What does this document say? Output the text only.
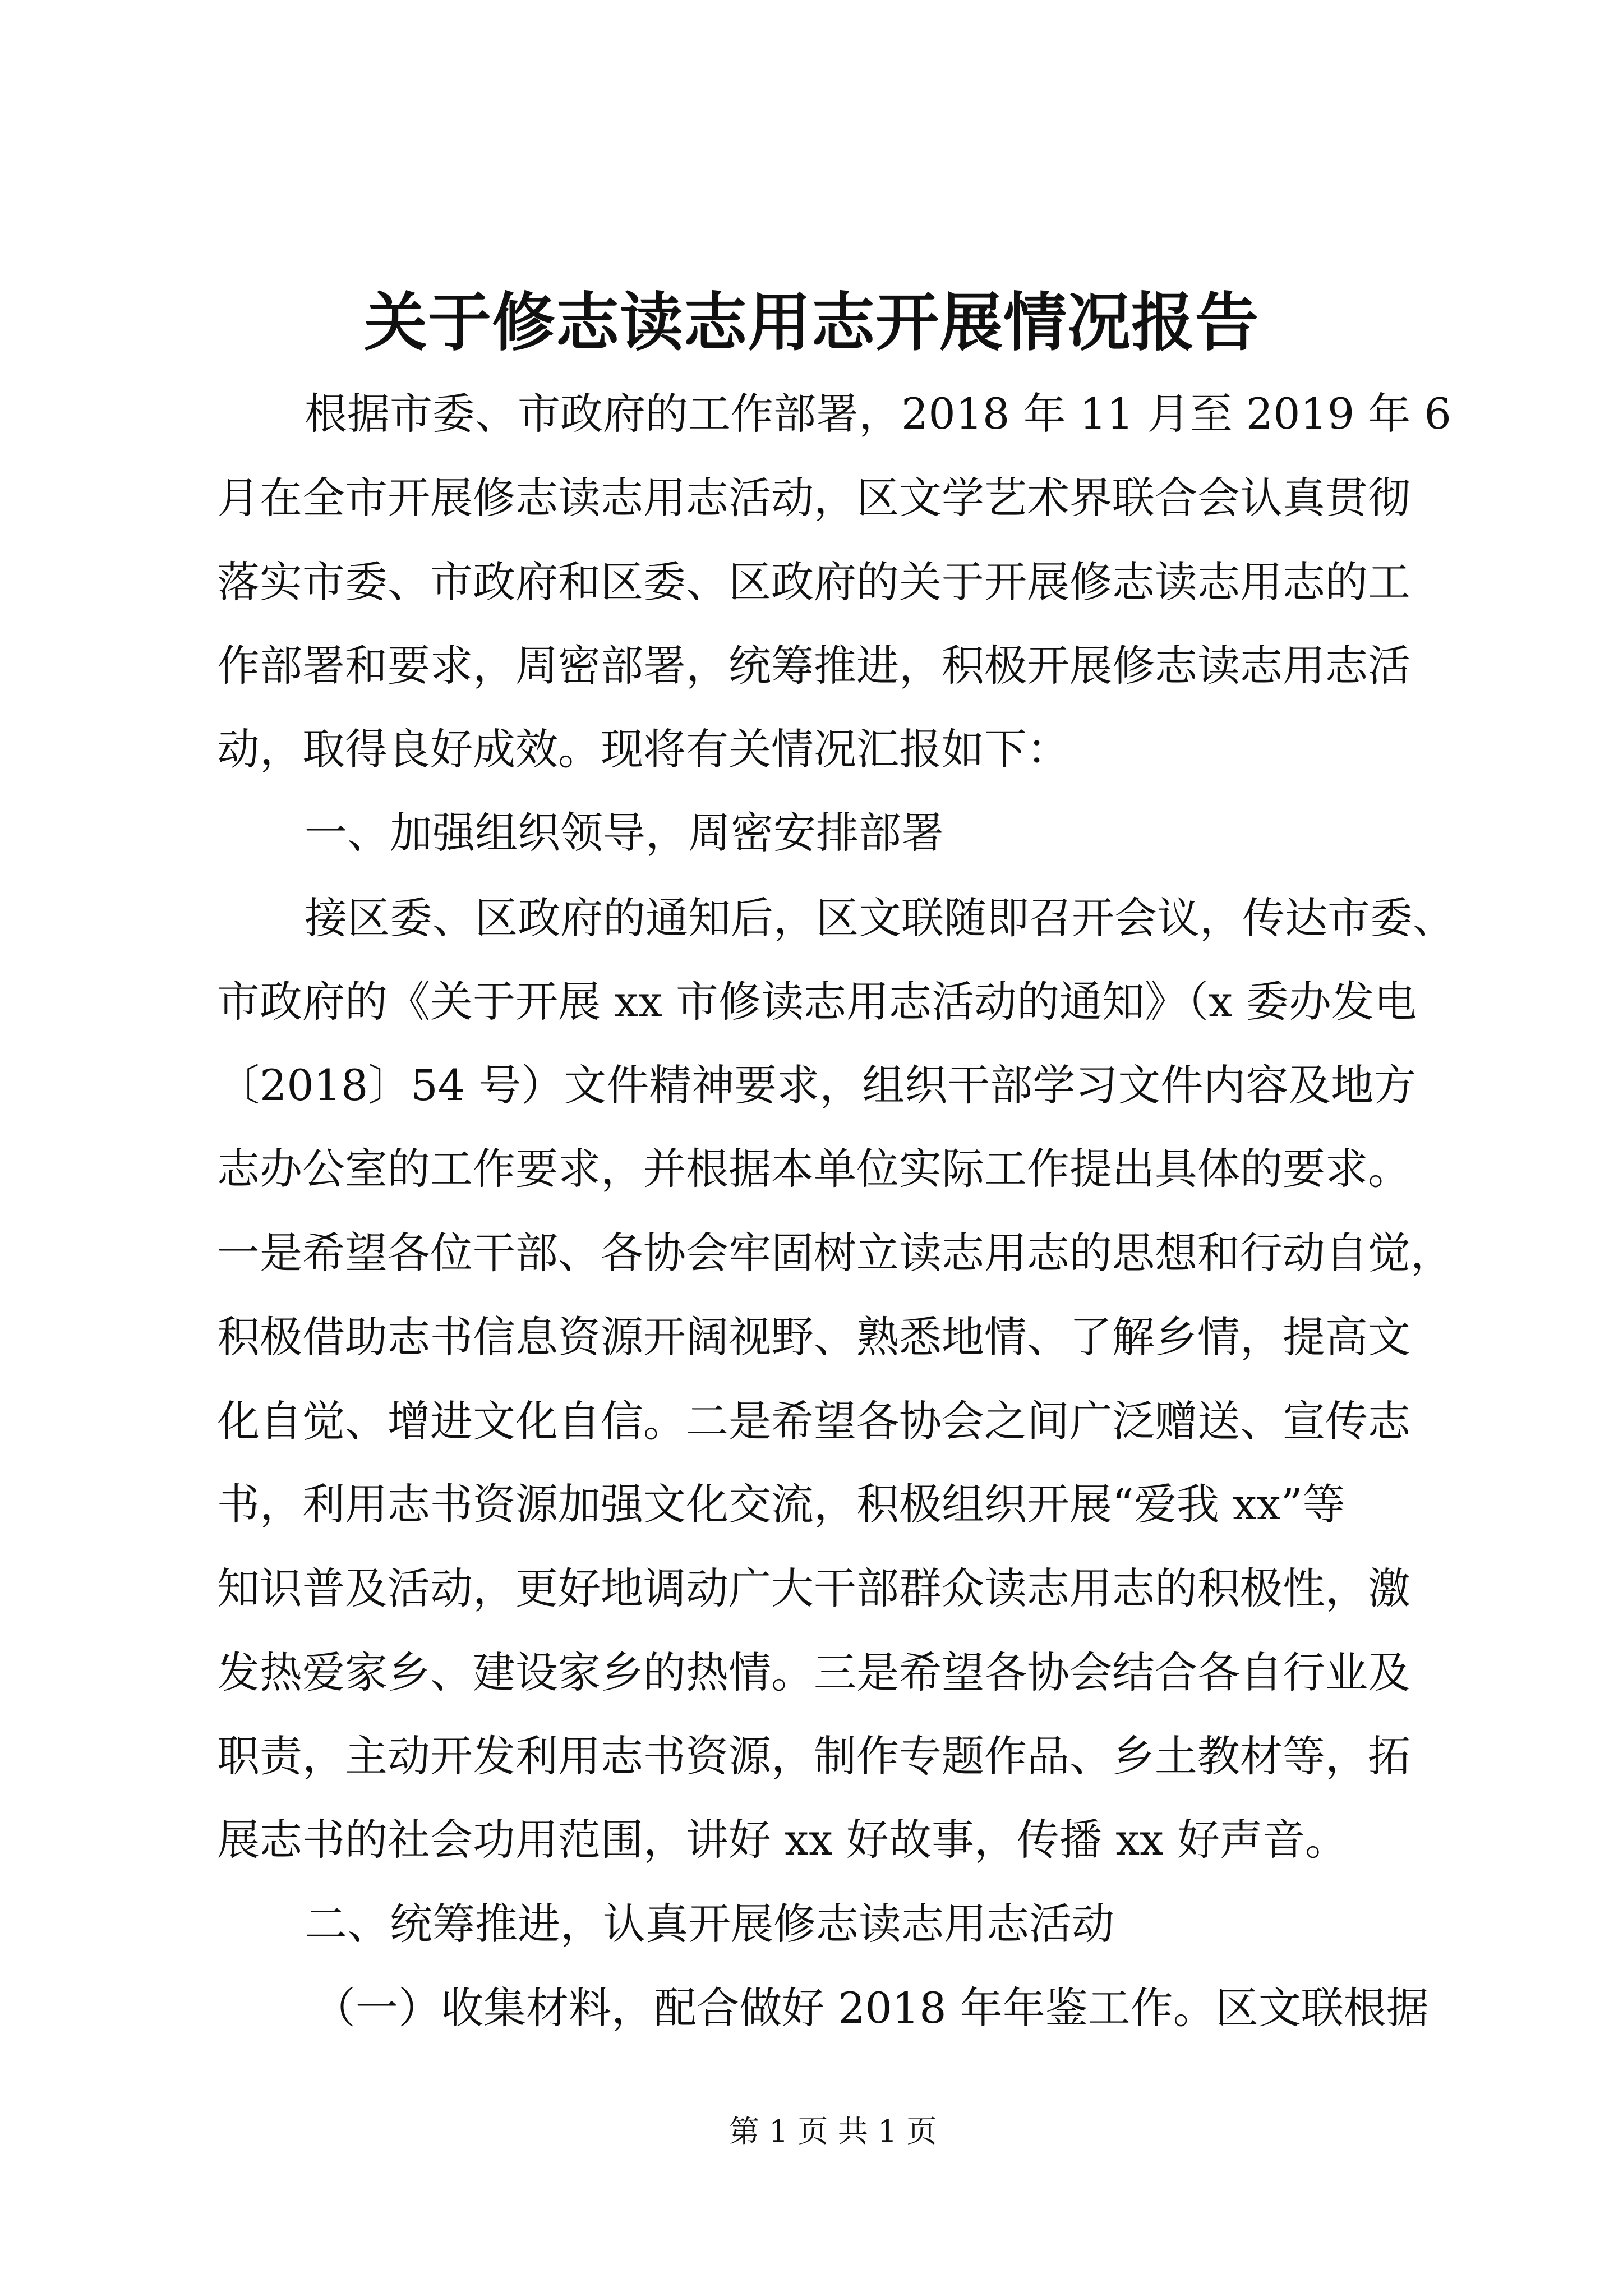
关于修志读志用志开展情况报告
根据市委、市政府的工作部署，2018 年 11 月至 2019 年 6
月在全市开展修志读志用志活动，区文学艺术界联合会认真贯彻
落实市委、市政府和区委、区政府的关于开展修志读志用志的工
作部署和要求，周密部署，统筹推进，积极开展修志读志用志活
动，取得良好成效。现将有关情况汇报如下：
一、加强组织领导，周密安排部署
接区委、区政府的通知后，区文联随即召开会议，传达市委、
市政府的《关于开展 xx 市修读志用志活动的通知》（x 委办发电
〔2018〕54 号）文件精神要求，组织干部学习文件内容及地方
志办公室的工作要求，并根据本单位实际工作提出具体的要求。
一是希望各位干部、各协会牢固树立读志用志的思想和行动自觉，
积极借助志书信息资源开阔视野、熟悉地情、了解乡情，提高文
化自觉、增进文化自信。二是希望各协会之间广泛赠送、宣传志
书，利用志书资源加强文化交流，积极组织开展“爱我 xx”等
知识普及活动，更好地调动广大干部群众读志用志的积极性，激
发热爱家乡、建设家乡的热情。三是希望各协会结合各自行业及
职责，主动开发利用志书资源，制作专题作品、乡土教材等，拓
展志书的社会功用范围，讲好 xx 好故事，传播 xx 好声音。
二、统筹推进，认真开展修志读志用志活动
（一）收集材料，配合做好 2018 年年鉴工作。区文联根据
第 1 页 共 1 页
